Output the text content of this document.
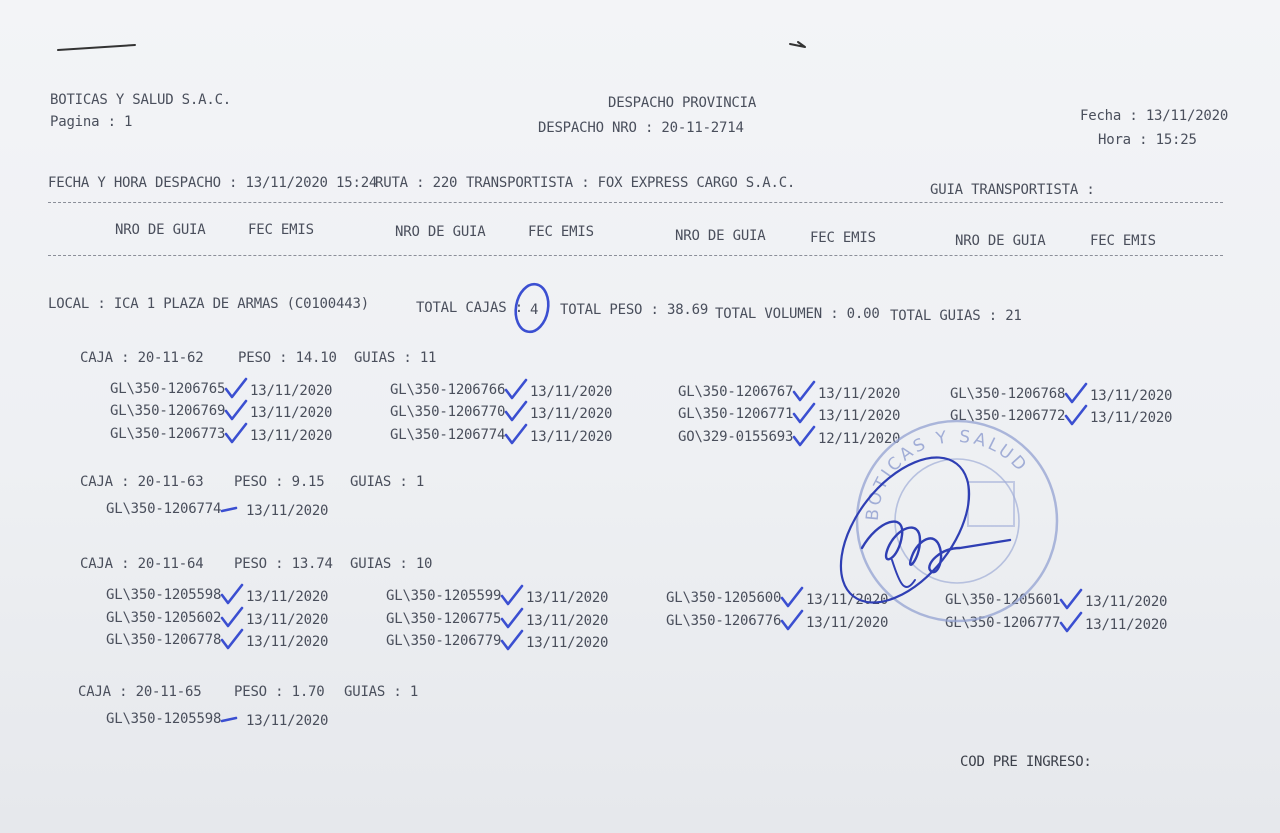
BOTICAS Y SALUD S.A.C.
Pagina : 1
DESPACHO PROVINCIA
DESPACHO NRO : 20-11-2714
Fecha : 13/11/2020
Hora : 15:25
FECHA Y HORA DESPACHO : 13/11/2020 15:24
RUTA : 220 TRANSPORTISTA : FOX EXPRESS CARGO S.A.C.	GUIA TRANSPORTISTA :
NRO DE GUIA	FEC EMIS	NRO DE GUIA	FEC EMIS	NRO DE GUIA	FEC EMIS	NRO DE GUIA	FEC EMIS
LOCAL : ICA 1 PLAZA DE ARMAS (C0100443)	TOTAL CAJAS : 4 TOTAL PESO : 38.69 TOTAL VOLUMEN : 0.00 TOTAL GUIAS : 21
CAJA : 20-11-62 PESO : 14.10 GUIAS : 11
GL\350-1206765 13/11/2020	GL\350-1206766 13/11/2020	GL\350-1206767 13/11/2020	GL\350-1206768 13/11/2020
GL\350-1206769 13/11/2020	GL\350-1206770 13/11/2020	GL\350-1206771 13/11/2020	GL\350-1206772 13/11/2020
GL\350-1206773 13/11/2020	GL\350-1206774 13/11/2020	GO\329-0155693 12/11/2020
CAJA : 20-11-63 PESO : 9.15 GUIAS : 1
GL\350-1206774 13/11/2020
CAJA : 20-11-64 PESO : 13.74 GUIAS : 10
GL\350-1205598 13/11/2020	GL\350-1205599 13/11/2020	GL\350-1205600 13/11/2020	GL\350-1205601 13/11/2020
GL\350-1205602 13/11/2020	GL\350-1206775 13/11/2020	GL\350-1206776 13/11/2020	GL\350-1206777 13/11/2020
GL\350-1206778 13/11/2020	GL\350-1206779 13/11/2020
CAJA : 20-11-65 PESO : 1.70 GUIAS : 1
GL\350-1205598 13/11/2020
COD PRE INGRESO:
BOTICAS Y SALUD
